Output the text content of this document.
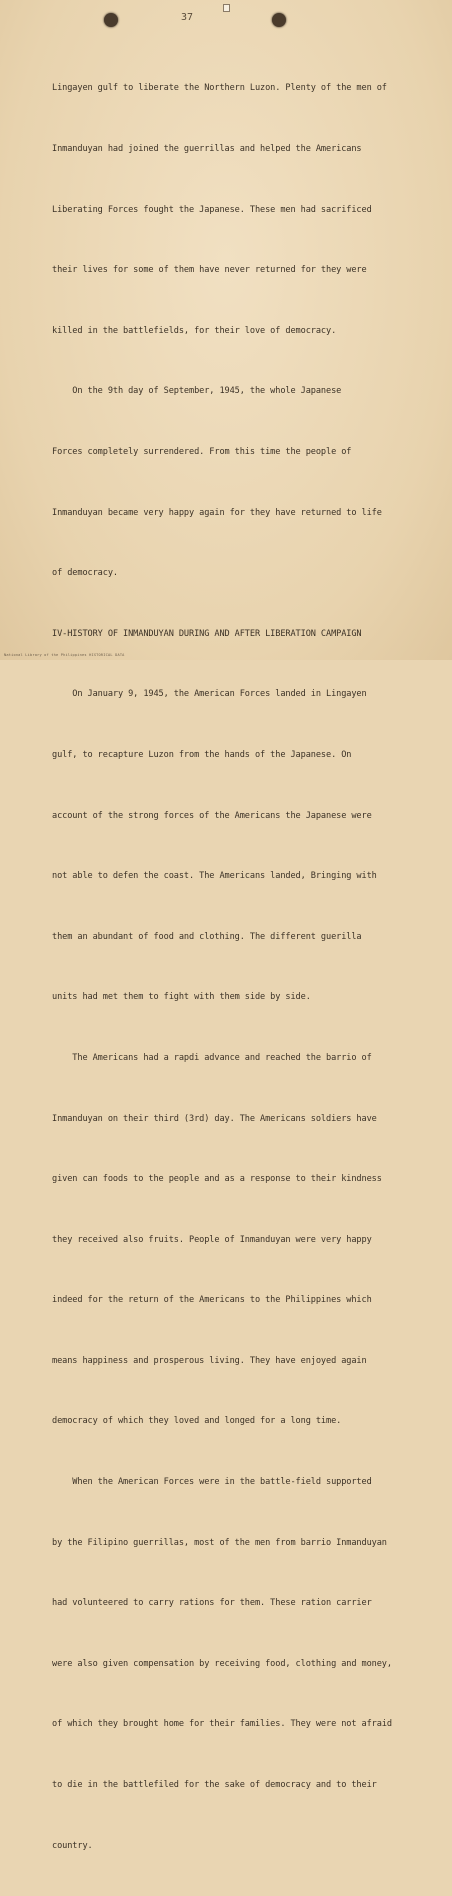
37

Lingayen gulf to liberate the Northern Luzon. Plenty of the men of

Inmanduyan had joined the guerrillas and helped the Americans

Liberating Forces fought the Japanese. These men had sacrificed

their lives for some of them have never returned for they were

killed in the battlefields, for their love of democracy.

On the 9th day of September, 1945, the whole Japanese

Forces completely surrendered. From this time the people of

Inmanduyan became very happy again for they have returned to life

of democracy.

IV-HISTORY OF INMANDUYAN DURING AND AFTER LIBERATION CAMPAIGN

On January 9, 1945, the American Forces landed in Lingayen

gulf, to recapture Luzon from the hands of the Japanese. On

account of the strong forces of the Americans the Japanese were

not able to defen the coast. The Americans landed, Bringing with

them an abundant of food and clothing. The different guerilla

units had met them to fight with them side by side.

The Americans had a rapdi advance and reached the barrio of

Inmanduyan on their third (3rd) day. The Americans soldiers have

given can foods to the people and as a response to their kindness

they received also fruits. People of Inmanduyan were very happy

indeed for the return of the Americans to the Philippines which

means happiness and prosperous living. They have enjoyed again

democracy of which they loved and longed for a long time.

When the American Forces were in the battle-field supported

by the Filipino guerrillas, most of the men from barrio Inmanduyan

had volunteered to carry rations for them. These ration carrier

were also given compensation by receiving food, clothing and money,

of which they brought home for their families. They were not afraid

to die in the battlefiled for the sake of democracy and to their

country.

National Library of the Philippines HISTORICAL DATA
